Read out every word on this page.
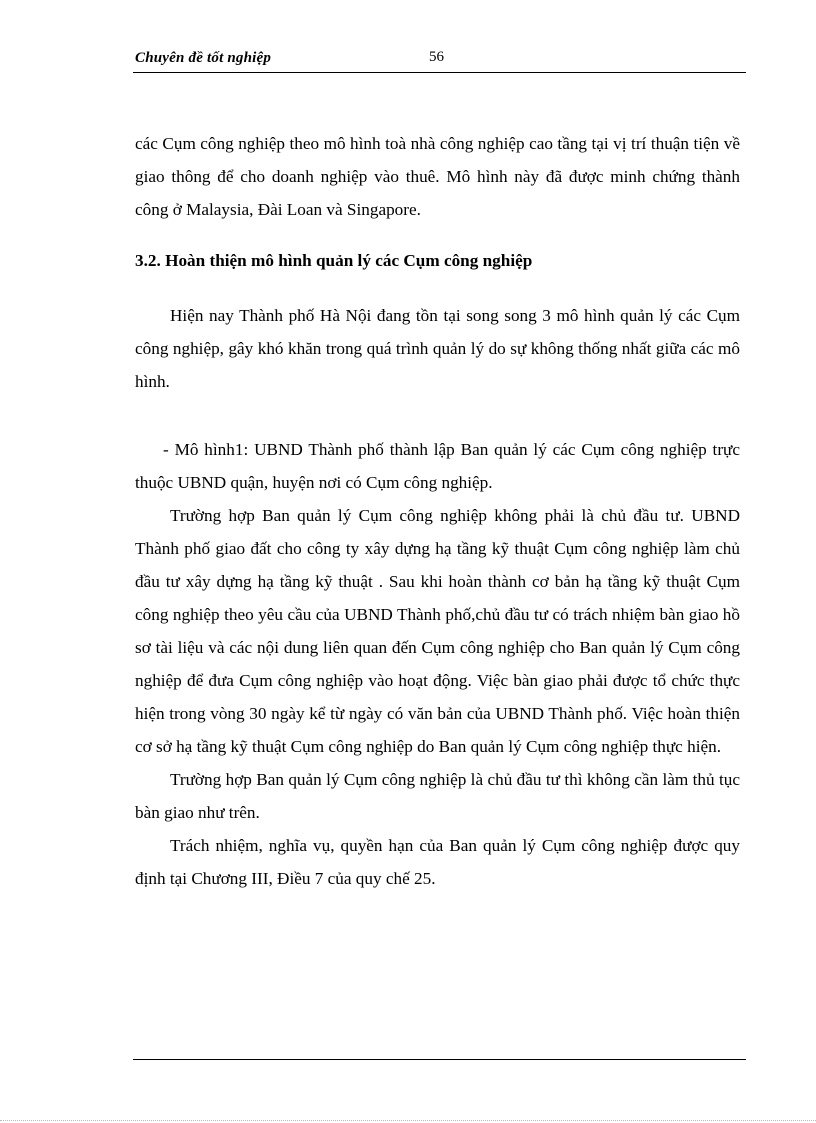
Chuyên đề tốt nghiệp	56

các Cụm công nghiệp theo mô hình toà nhà công nghiệp cao tầng tại vị trí thuận tiện về giao thông để cho doanh nghiệp vào thuê. Mô hình này đã được minh chứng thành công ở Malaysia, Đài Loan và Singapore.

3.2. Hoàn thiện mô hình quản lý các Cụm công nghiệp

Hiện nay Thành phố Hà Nội đang tồn tại song song 3 mô hình quản lý các Cụm công nghiệp, gây khó khăn trong quá trình quản lý do sự không thống nhất giữa các mô hình.

- Mô hình1: UBND Thành phố thành lập Ban quản lý các Cụm công nghiệp trực thuộc UBND quận, huyện nơi có Cụm công nghiệp.

Trường hợp Ban quản lý Cụm công nghiệp không phải là chủ đầu tư. UBND Thành phố giao đất cho công ty xây dựng hạ tầng kỹ thuật Cụm công nghiệp làm chủ đầu tư xây dựng hạ tầng kỹ thuật . Sau khi hoàn thành cơ bản hạ tầng kỹ thuật Cụm công nghiệp theo yêu cầu của UBND Thành phố,chủ đầu tư có trách nhiệm bàn giao hồ sơ tài liệu và các nội dung liên quan đến Cụm công nghiệp cho Ban quản lý Cụm công nghiệp để đưa Cụm công nghiệp vào hoạt động. Việc bàn giao phải được tổ chức thực hiện trong vòng 30 ngày kể từ ngày có văn bản của UBND Thành phố. Việc hoàn thiện cơ sở hạ tầng kỹ thuật Cụm công nghiệp do Ban quản lý Cụm công nghiệp thực hiện.

Trường hợp Ban quản lý Cụm công nghiệp là chủ đầu tư thì không cần làm thủ tục bàn giao như trên.

Trách nhiệm, nghĩa vụ, quyền hạn của Ban quản lý Cụm công nghiệp được quy định tại Chương III, Điều 7 của quy chế 25.
